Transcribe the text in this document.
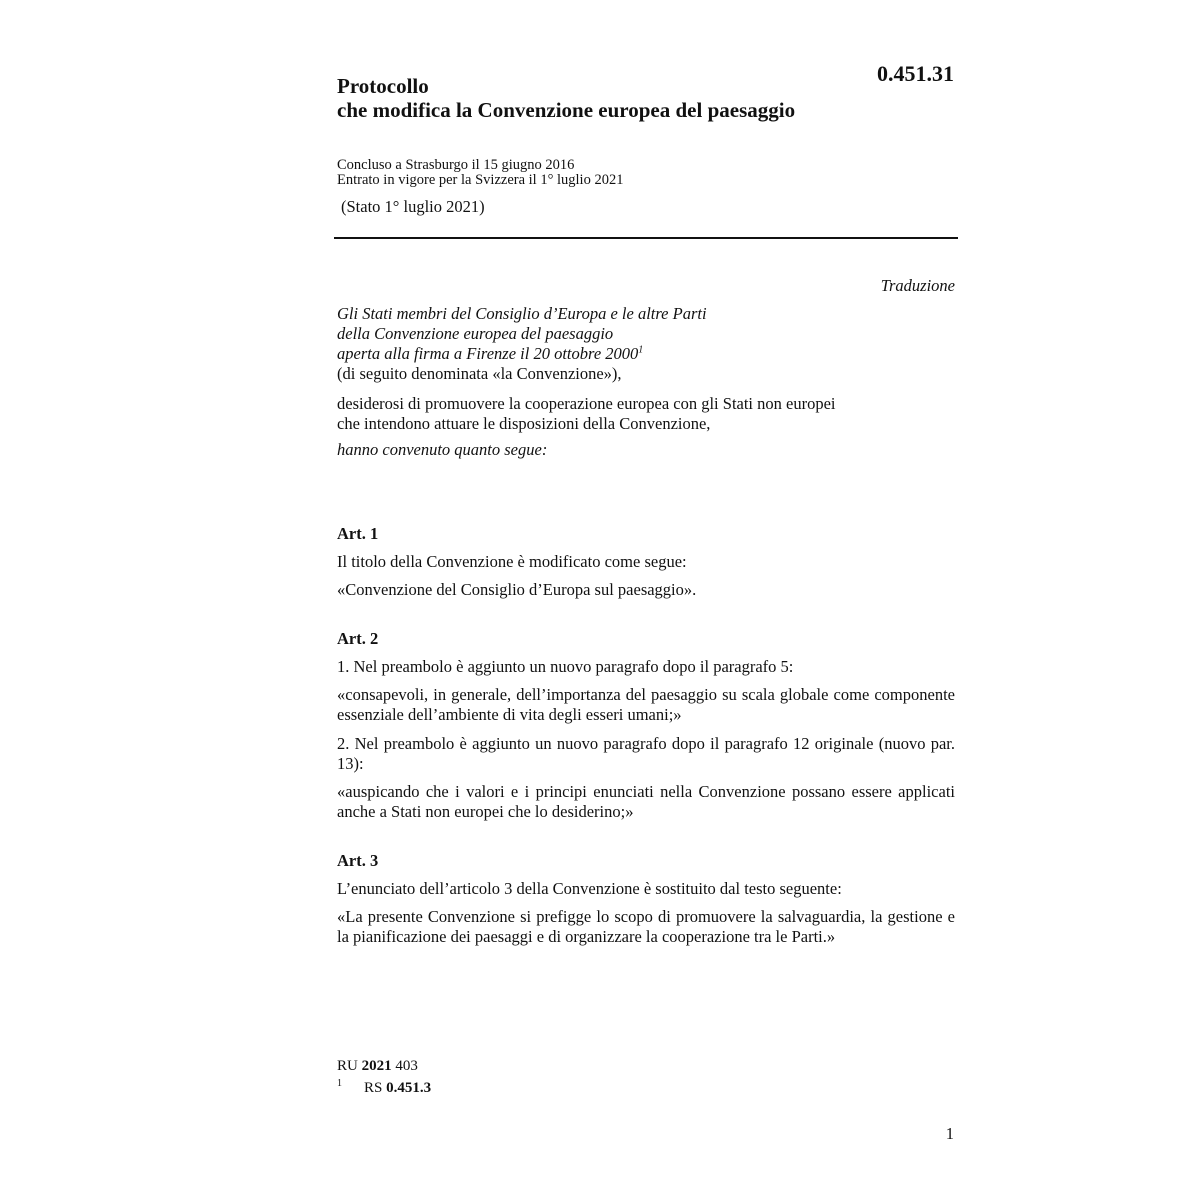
0.451.31
Protocollo
che modifica la Convenzione europea del paesaggio
Concluso a Strasburgo il 15 giugno 2016
Entrato in vigore per la Svizzera il 1° luglio 2021
(Stato 1° luglio 2021)
Traduzione
Gli Stati membri del Consiglio d’Europa e le altre Parti
della Convenzione europea del paesaggio
aperta alla firma a Firenze il 20 ottobre 2000$^1$
(di seguito denominata «la Convenzione»),
desiderosi di promuovere la cooperazione europea con gli Stati non europei
che intendono attuare le disposizioni della Convenzione,
hanno convenuto quanto segue:
Art. 1
Il titolo della Convenzione è modificato come segue:
«Convenzione del Consiglio d’Europa sul paesaggio».
Art. 2
1. Nel preambolo è aggiunto un nuovo paragrafo dopo il paragrafo 5:
«consapevoli, in generale, dell’importanza del paesaggio su scala globale come componente essenziale dell’ambiente di vita degli esseri umani;»
2. Nel preambolo è aggiunto un nuovo paragrafo dopo il paragrafo 12 originale (nuovo par. 13):
«auspicando che i valori e i principi enunciati nella Convenzione possano essere applicati anche a Stati non europei che lo desiderino;»
Art. 3
L’enunciato dell’articolo 3 della Convenzione è sostituito dal testo seguente:
«La presente Convenzione si prefigge lo scopo di promuovere la salvaguardia, la gestione e la pianificazione dei paesaggi e di organizzare la cooperazione tra le Parti.»
RU 2021 403
$^1$ RS 0.451.3
1
